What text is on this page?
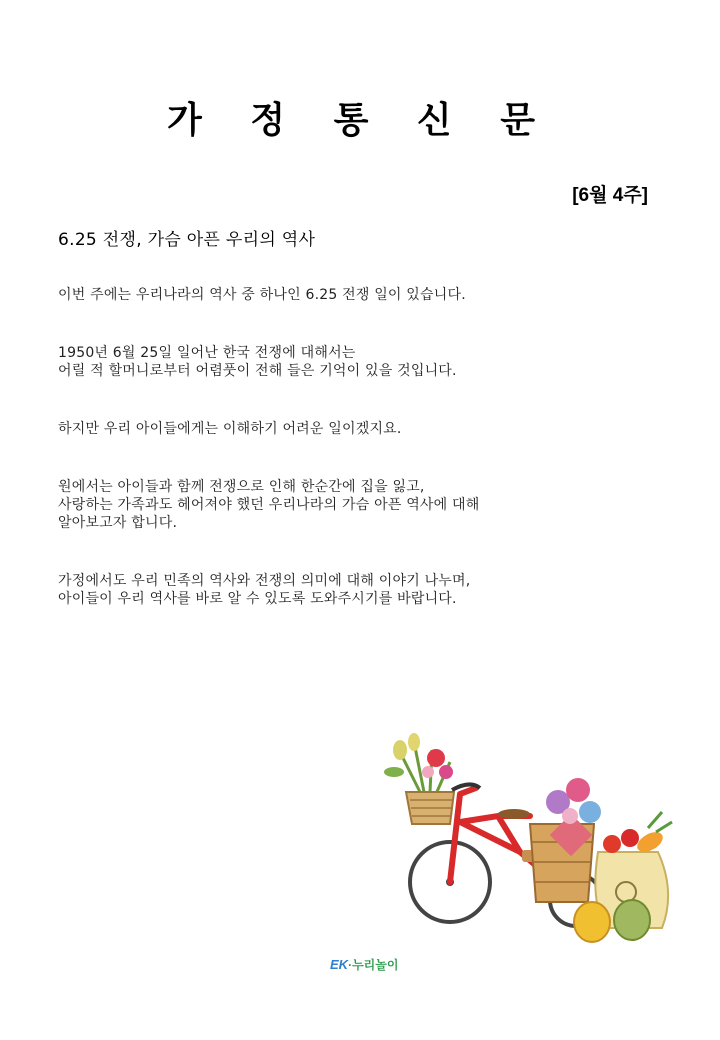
가 정 통 신 문
[6월 4주]
6.25 전쟁, 가슴 아픈 우리의 역사
이번 주에는 우리나라의 역사 중 하나인 6.25 전쟁 일이 있습니다.
1950년 6월 25일 일어난 한국 전쟁에 대해서는
어릴 적 할머니로부터 어렴풋이 전해 들은 기억이 있을 것입니다.
하지만 우리 아이들에게는 이해하기 어려운 일이겠지요.
원에서는 아이들과 함께 전쟁으로 인해 한순간에 집을 잃고,
사랑하는 가족과도 헤어져야 했던 우리나라의 가슴 아픈 역사에 대해
알아보고자 합니다.
가정에서도 우리 민족의 역사와 전쟁의 의미에 대해 이야기 나누며,
아이들이 우리 역사를 바로 알 수 있도록 도와주시기를 바랍니다.
EK·누리놀이
